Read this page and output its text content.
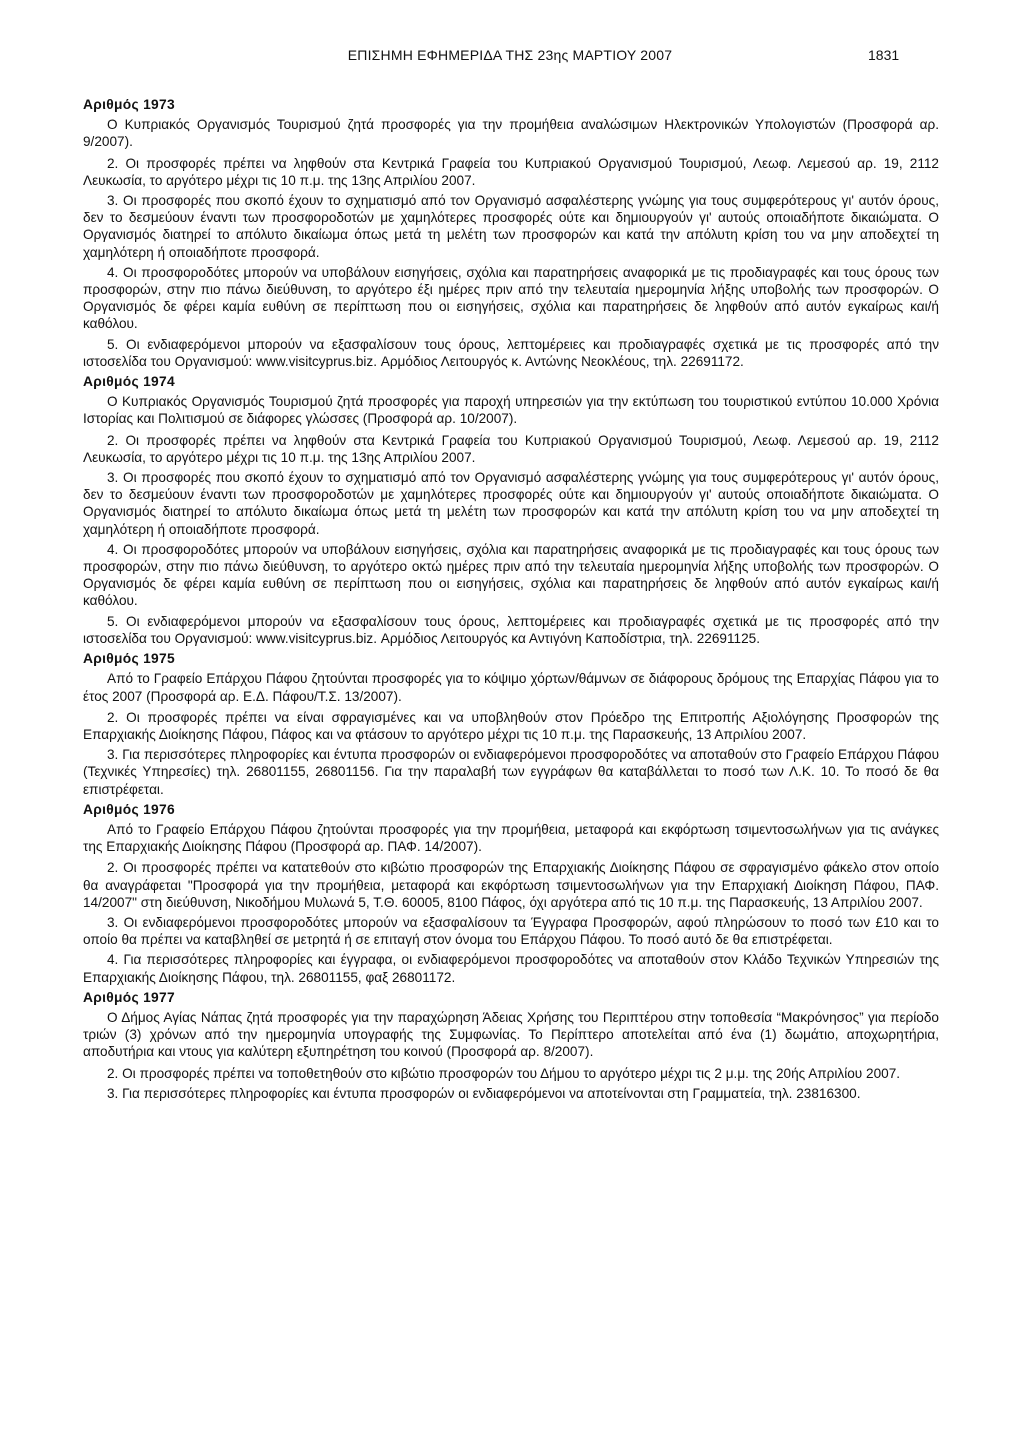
ΕΠΙΣΗΜΗ ΕΦΗΜΕΡΙΔΑ ΤΗΣ 23ης ΜΑΡΤΙΟΥ 2007	1831
Αριθμός 1973

Ο Κυπριακός Οργανισμός Τουρισμού ζητά προσφορές για την προμήθεια αναλώσιμων Ηλεκτρονικών Υπολογιστών (Προσφορά αρ. 9/2007).

2. Οι προσφορές πρέπει να ληφθούν στα Κεντρικά Γραφεία του Κυπριακού Οργανισμού Τουρισμού, Λεωφ. Λεμεσού αρ. 19, 2112 Λευκωσία, το αργότερο μέχρι τις 10 π.μ. της 13ης Απριλίου 2007.

3. Οι προσφορές που σκοπό έχουν το σχηματισμό από τον Οργανισμό ασφαλέστερης γνώμης για τους συμφερότερους γι' αυτόν όρους, δεν το δεσμεύουν έναντι των προσφοροδοτών με χαμηλότερες προσφορές ούτε και δημιουργούν γι' αυτούς οποιαδήποτε δικαιώματα. Ο Οργανισμός διατηρεί το απόλυτο δικαίωμα όπως μετά τη μελέτη των προσφορών και κατά την απόλυτη κρίση του να μην αποδεχτεί τη χαμηλότερη ή οποιαδήποτε προσφορά.

4. Οι προσφοροδότες μπορούν να υποβάλουν εισηγήσεις, σχόλια και παρατηρήσεις αναφορικά με τις προδιαγραφές και τους όρους των προσφορών, στην πιο πάνω διεύθυνση, το αργότερο έξι ημέρες πριν από την τελευταία ημερομηνία λήξης υποβολής των προσφορών. Ο Οργανισμός δε φέρει καμία ευθύνη σε περίπτωση που οι εισηγήσεις, σχόλια και παρατηρήσεις δε ληφθούν από αυτόν εγκαίρως και/ή καθόλου.

5. Οι ενδιαφερόμενοι μπορούν να εξασφαλίσουν τους όρους, λεπτομέρειες και προδιαγραφές σχετικά με τις προσφορές από την ιστοσελίδα του Οργανισμού: www.visitcyprus.biz. Αρμόδιος Λειτουργός κ. Αντώνης Νεοκλέους, τηλ. 22691172.

Αριθμός 1974

Ο Κυπριακός Οργανισμός Τουρισμού ζητά προσφορές για παροχή υπηρεσιών για την εκτύπωση του τουριστικού εντύπου 10.000 Χρόνια Ιστορίας και Πολιτισμού σε διάφορες γλώσσες (Προσφορά αρ. 10/2007).

2. Οι προσφορές πρέπει να ληφθούν στα Κεντρικά Γραφεία του Κυπριακού Οργανισμού Τουρισμού, Λεωφ. Λεμεσού αρ. 19, 2112 Λευκωσία, το αργότερο μέχρι τις 10 π.μ. της 13ης Απριλίου 2007.

3. Οι προσφορές που σκοπό έχουν το σχηματισμό από τον Οργανισμό ασφαλέστερης γνώμης για τους συμφερότερους γι' αυτόν όρους, δεν το δεσμεύουν έναντι των προσφοροδοτών με χαμηλότερες προσφορές ούτε και δημιουργούν γι' αυτούς οποιαδήποτε δικαιώματα. Ο Οργανισμός διατηρεί το απόλυτο δικαίωμα όπως μετά τη μελέτη των προσφορών και κατά την απόλυτη κρίση του να μην αποδεχτεί τη χαμηλότερη ή οποιαδήποτε προσφορά.

4. Οι προσφοροδότες μπορούν να υποβάλουν εισηγήσεις, σχόλια και παρατηρήσεις αναφορικά με τις προδιαγραφές και τους όρους των προσφορών, στην πιο πάνω διεύθυνση, το αργότερο οκτώ ημέρες πριν από την τελευταία ημερομηνία λήξης υποβολής των προσφορών. Ο Οργανισμός δε φέρει καμία ευθύνη σε περίπτωση που οι εισηγήσεις, σχόλια και παρατηρήσεις δε ληφθούν από αυτόν εγκαίρως και/ή καθόλου.

5. Οι ενδιαφερόμενοι μπορούν να εξασφαλίσουν τους όρους, λεπτομέρειες και προδιαγραφές σχετικά με τις προσφορές από την ιστοσελίδα του Οργανισμού: www.visitcyprus.biz. Αρμόδιος Λειτουργός κα Αντιγόνη Καποδίστρια, τηλ. 22691125.

Αριθμός 1975

Από το Γραφείο Επάρχου Πάφου ζητούνται προσφορές για το κόψιμο χόρτων/θάμνων σε διάφορους δρόμους της Επαρχίας Πάφου για το έτος 2007 (Προσφορά αρ. Ε.Δ. Πάφου/Τ.Σ. 13/2007).

2. Οι προσφορές πρέπει να είναι σφραγισμένες και να υποβληθούν στον Πρόεδρο της Επιτροπής Αξιολόγησης Προσφορών της Επαρχιακής Διοίκησης Πάφου, Πάφος και να φτάσουν το αργότερο μέχρι τις 10 π.μ. της Παρασκευής, 13 Απριλίου 2007.

3. Για περισσότερες πληροφορίες και έντυπα προσφορών οι ενδιαφερόμενοι προσφοροδότες να αποταθούν στο Γραφείο Επάρχου Πάφου (Τεχνικές Υπηρεσίες) τηλ. 26801155, 26801156. Για την παραλαβή των εγγράφων θα καταβάλλεται το ποσό των Λ.Κ. 10. Το ποσό δε θα επιστρέφεται.

Αριθμός 1976

Από το Γραφείο Επάρχου Πάφου ζητούνται προσφορές για την προμήθεια, μεταφορά και εκφόρτωση τσιμεντοσωλήνων για τις ανάγκες της Επαρχιακής Διοίκησης Πάφου (Προσφορά αρ. ΠΑΦ. 14/2007).

2. Οι προσφορές πρέπει να κατατεθούν στο κιβώτιο προσφορών της Επαρχιακής Διοίκησης Πάφου σε σφραγισμένο φάκελο στον οποίο θα αναγράφεται "Προσφορά για την προμήθεια, μεταφορά και εκφόρτωση τσιμεντοσωλήνων για την Επαρχιακή Διοίκηση Πάφου, ΠΑΦ. 14/2007" στη διεύθυνση, Νικοδήμου Μυλωνά 5, Τ.Θ. 60005, 8100 Πάφος, όχι αργότερα από τις 10 π.μ. της Παρασκευής, 13 Απριλίου 2007.

3. Οι ενδιαφερόμενοι προσφοροδότες μπορούν να εξασφαλίσουν τα Έγγραφα Προσφορών, αφού πληρώσουν το ποσό των £10 και το οποίο θα πρέπει να καταβληθεί σε μετρητά ή σε επιταγή στον όνομα του Επάρχου Πάφου. Το ποσό αυτό δε θα επιστρέφεται.

4. Για περισσότερες πληροφορίες και έγγραφα, οι ενδιαφερόμενοι προσφοροδότες να αποταθούν στον Κλάδο Τεχνικών Υπηρεσιών της Επαρχιακής Διοίκησης Πάφου, τηλ. 26801155, φαξ 26801172.

Αριθμός 1977

Ο Δήμος Αγίας Νάπας ζητά προσφορές για την παραχώρηση Άδειας Χρήσης του Περιπτέρου στην τοποθεσία “Μακρόνησος” για περίοδο τριών (3) χρόνων από την ημερομηνία υπογραφής της Συμφωνίας. Το Περίπτερο αποτελείται από ένα (1) δωμάτιο, αποχωρητήρια, αποδυτήρια και ντους για καλύτερη εξυπηρέτηση του κοινού (Προσφορά αρ. 8/2007).

2. Οι προσφορές πρέπει να τοποθετηθούν στο κιβώτιο προσφορών του Δήμου το αργότερο μέχρι τις 2 μ.μ. της 20ής Απριλίου 2007.

3. Για περισσότερες πληροφορίες και έντυπα προσφορών οι ενδιαφερόμενοι να αποτείνονται στη Γραμματεία, τηλ. 23816300.
